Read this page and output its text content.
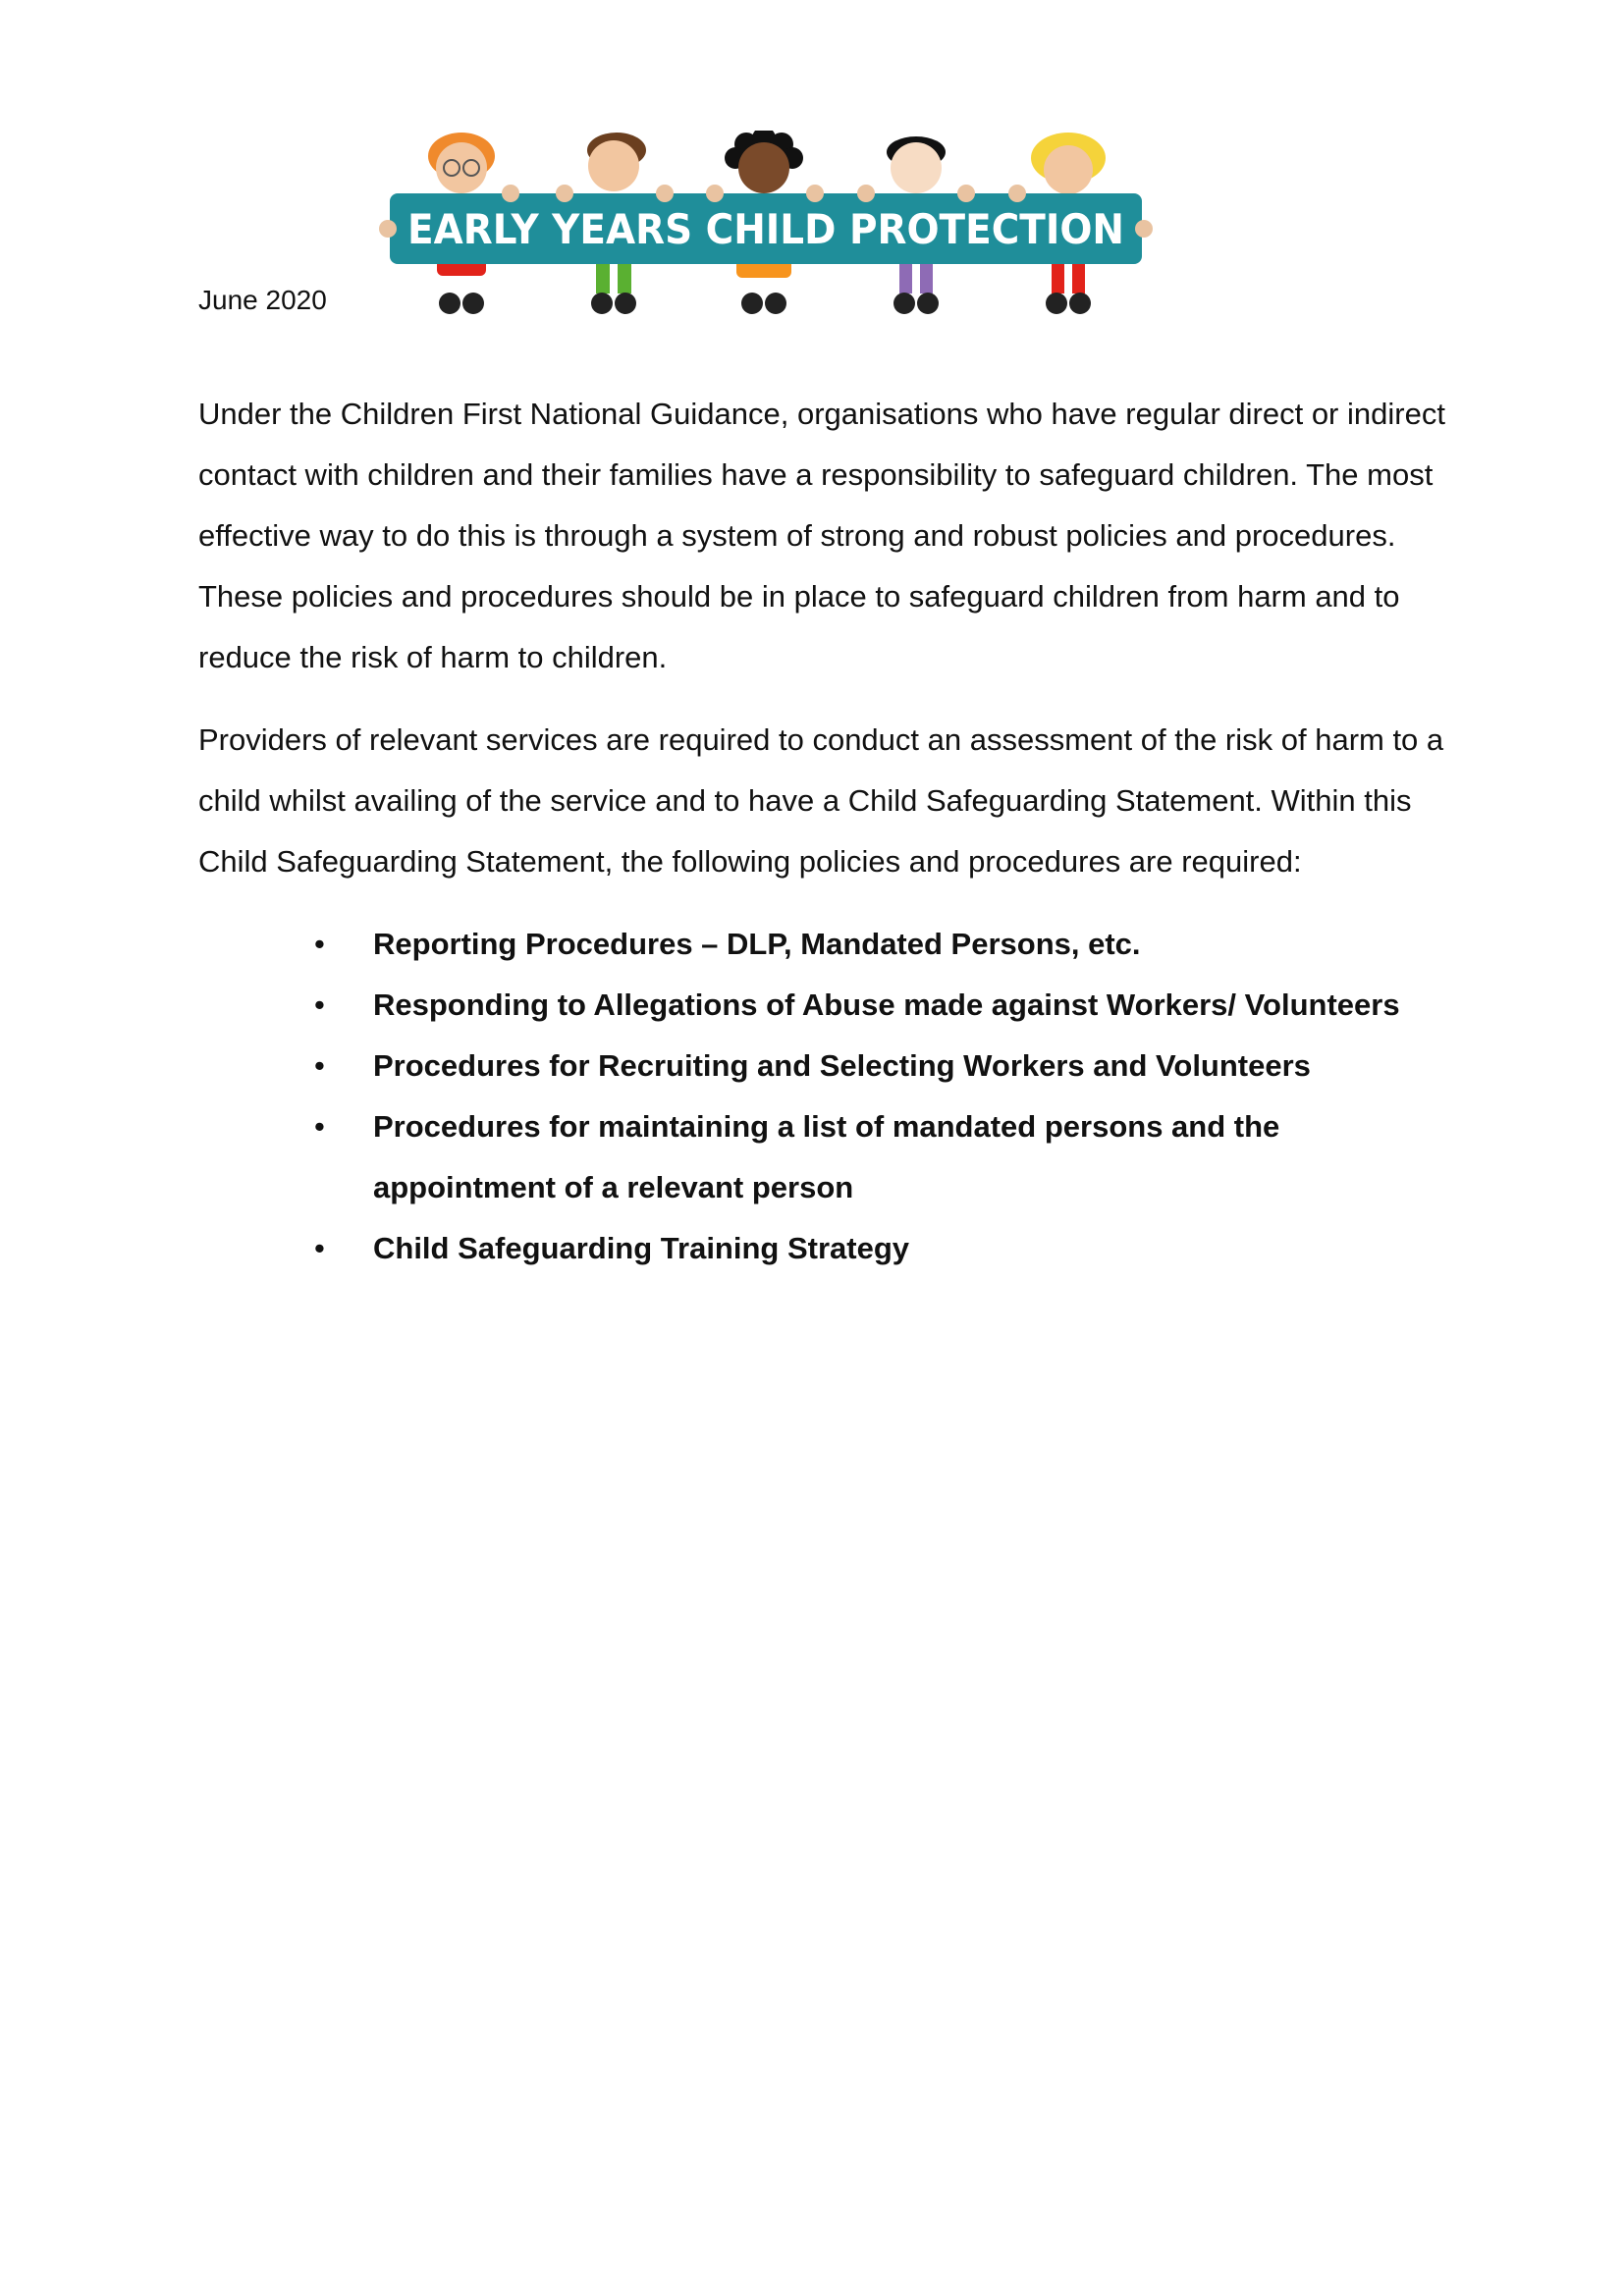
June 2020
EARLY YEARS CHILD PROTECTION

Under the Children First National Guidance, organisations who have regular direct or indirect contact with children and their families have a responsibility to safeguard children. The most effective way to do this is through a system of strong and robust policies and procedures. These policies and procedures should be in place to safeguard children from harm and to reduce the risk of harm to children.

Providers of relevant services are required to conduct an assessment of the risk of harm to a child whilst availing of the service and to have a Child Safeguarding Statement. Within this Child Safeguarding Statement, the following policies and procedures are required:

• Reporting Procedures – DLP, Mandated Persons, etc.
• Responding to Allegations of Abuse made against Workers/ Volunteers
• Procedures for Recruiting and Selecting Workers and Volunteers
• Procedures for maintaining a list of mandated persons and the appointment of a relevant person
• Child Safeguarding Training Strategy
